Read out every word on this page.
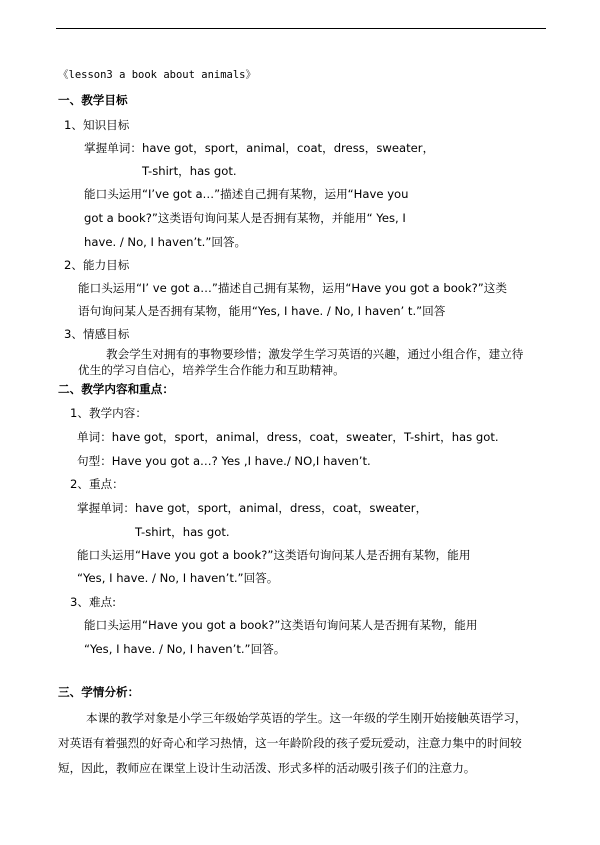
《lesson3 a book about animals》
一、教学目标
1、知识目标
掌握单词：have got，sport，animal，coat，dress，sweater，
T-shirt，has got.
能口头运用“I’ve got a…”描述自己拥有某物，运用“Have you
got a book?”这类语句询问某人是否拥有某物，并能用“ Yes, I
have. / No, I haven’t.”回答。
2、能力目标
能口头运用“I’ ve got a…”描述自己拥有某物，运用“Have you got a book?”这类
语句询问某人是否拥有某物，能用“Yes, I have. / No, I haven’ t.”回答
3、情感目标
教会学生对拥有的事物要珍惜；激发学生学习英语的兴趣，通过小组合作，建立待
优生的学习自信心，培养学生合作能力和互助精神。
二、教学内容和重点：
1、教学内容：
单词：have got，sport，animal，dress，coat，sweater，T-shirt，has got.
句型：Have you got a…? Yes ,I have./ NO,I haven’t.
2、重点：
掌握单词：have got，sport，animal，dress，coat，sweater，
T-shirt，has got.
能口头运用“Have you got a book?”这类语句询问某人是否拥有某物，能用
“Yes, I have. / No, I haven’t.”回答。
3、难点:
能口头运用“Have you got a book?”这类语句询问某人是否拥有某物，能用
“Yes, I have. / No, I haven’t.”回答。
三、学情分析：
本课的教学对象是小学三年级始学英语的学生。这一年级的学生刚开始接触英语学习，
对英语有着强烈的好奇心和学习热情，这一年龄阶段的孩子爱玩爱动，注意力集中的时间较
短，因此，教师应在课堂上设计生动活泼、形式多样的活动吸引孩子们的注意力。
